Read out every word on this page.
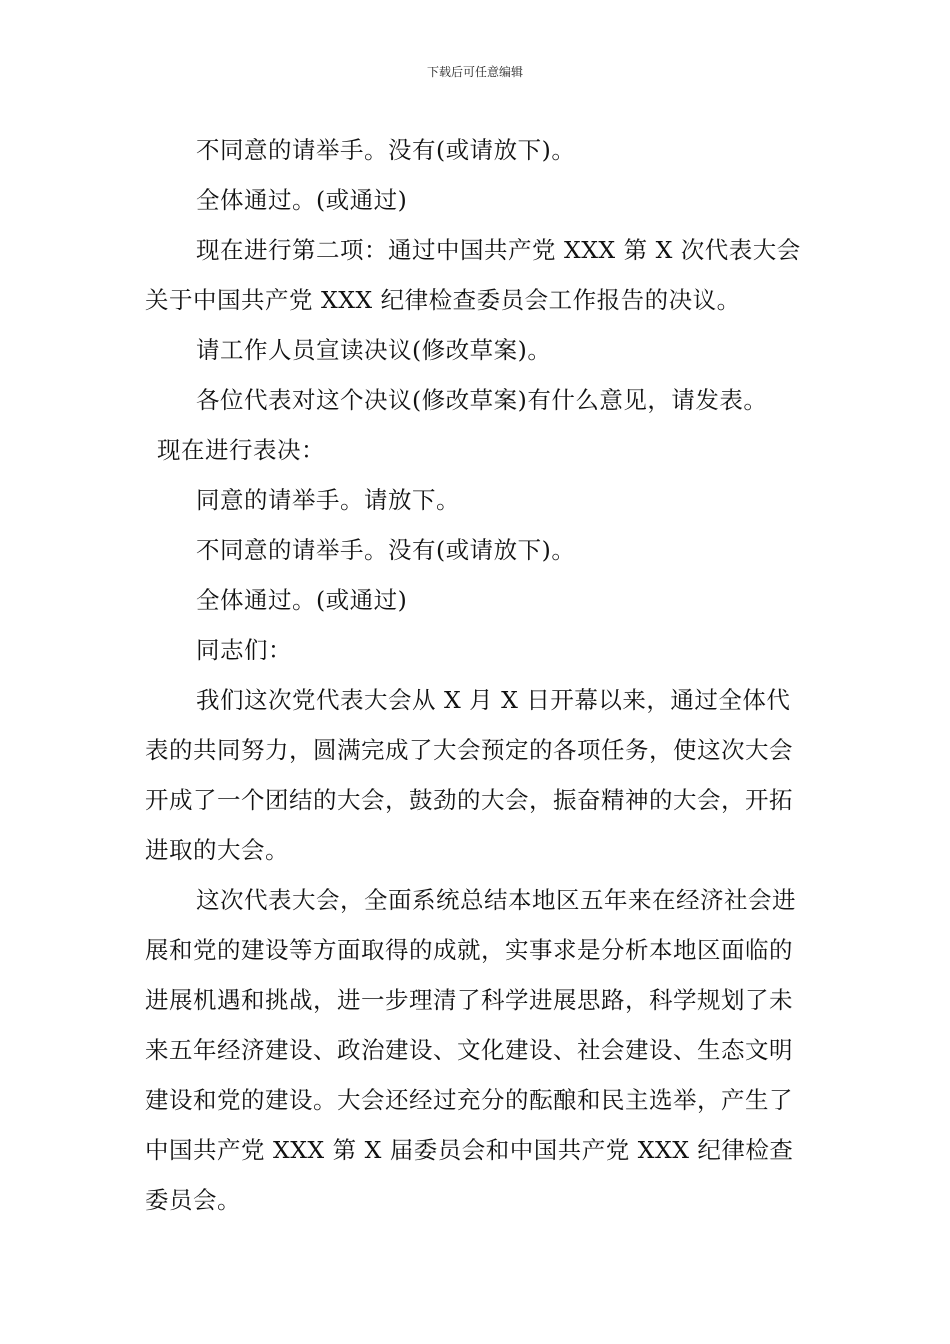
下载后可任意编辑

不同意的请举手。没有(或请放下)。

全体通过。(或通过)

现在进行第二项：通过中国共产党 XXX 第 X 次代表大会关于中国共产党 XXX 纪律检查委员会工作报告的决议。

请工作人员宣读决议(修改草案)。

各位代表对这个决议(修改草案)有什么意见，请发表。

现在进行表决：

同意的请举手。请放下。

不同意的请举手。没有(或请放下)。

全体通过。(或通过)

同志们：

我们这次党代表大会从 X 月 X 日开幕以来，通过全体代表的共同努力，圆满完成了大会预定的各项任务，使这次大会开成了一个团结的大会，鼓劲的大会，振奋精神的大会，开拓进取的大会。

这次代表大会，全面系统总结本地区五年来在经济社会进展和党的建设等方面取得的成就，实事求是分析本地区面临的进展机遇和挑战，进一步理清了科学进展思路，科学规划了未来五年经济建设、政治建设、文化建设、社会建设、生态文明建设和党的建设。大会还经过充分的酝酿和民主选举，产生了中国共产党 XXX 第 X 届委员会和中国共产党 XXX 纪律检查委员会。
